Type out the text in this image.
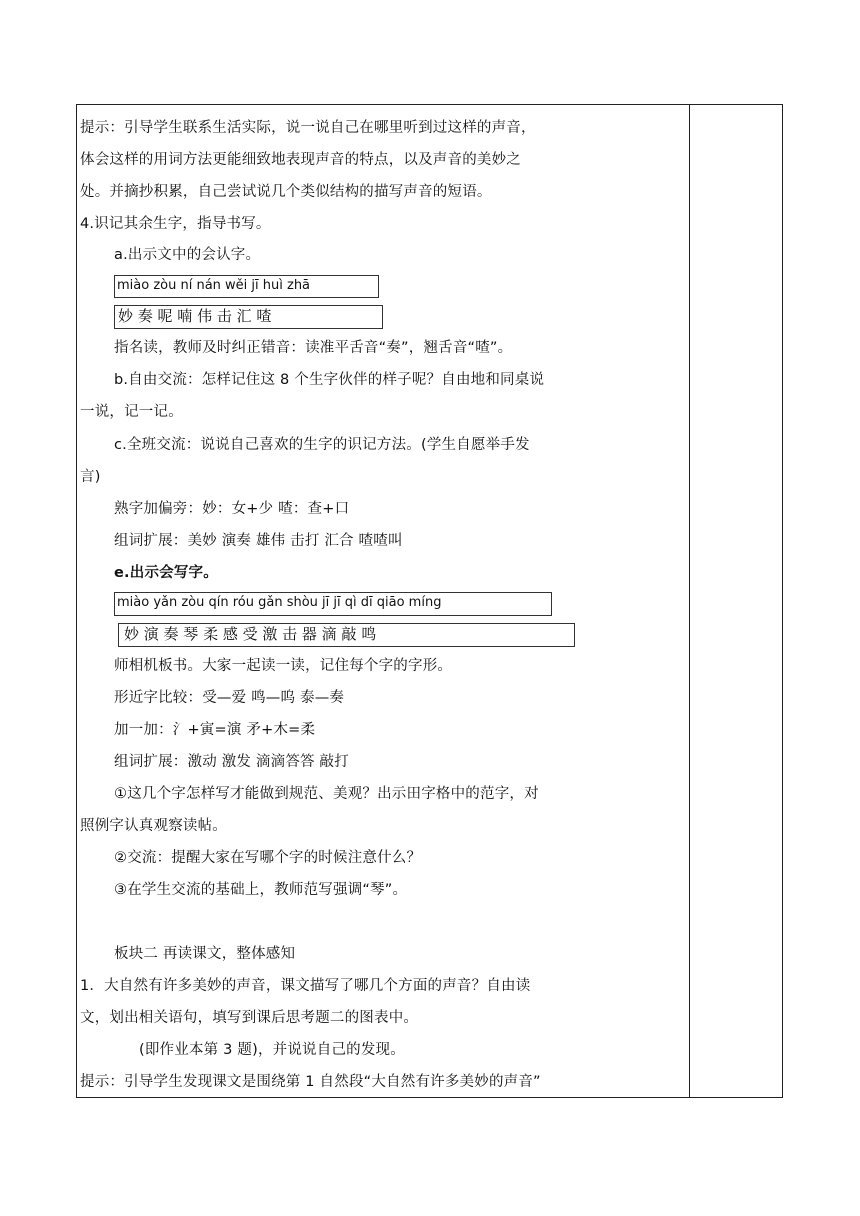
提示：引导学生联系生活实际，说一说自己在哪里听到过这样的声音，
体会这样的用词方法更能细致地表现声音的特点，以及声音的美妙之
处。并摘抄积累，自己尝试说几个类似结构的描写声音的短语。
4.识记其余生字，指导书写。
a.出示文中的会认字。
miào zòu ní nán wěi jī huì zhā
妙 奏 呢 喃 伟 击 汇 喳
指名读，教师及时纠正错音：读准平舌音“奏”，翘舌音“喳”。
b.自由交流：怎样记住这 8 个生字伙伴的样子呢？自由地和同桌说
一说，记一记。
c.全班交流：说说自己喜欢的生字的识记方法。(学生自愿举手发
言)
熟字加偏旁：妙：女+少 喳：查+口
组词扩展：美妙 演奏 雄伟 击打 汇合 喳喳叫
e.出示会写字。
miào yǎn zòu qín róu gǎn shòu jī jī qì dī qiāo míng
妙 演 奏 琴 柔 感 受 激 击 器 滴 敲 鸣
师相机板书。大家一起读一读，记住每个字的字形。
形近字比较：受—爱 鸣—呜 泰—奏
加一加：氵+寅=演 矛+木=柔
组词扩展：激动 激发 滴滴答答 敲打
①这几个字怎样写才能做到规范、美观？出示田字格中的范字，对
照例字认真观察读帖。
②交流：提醒大家在写哪个字的时候注意什么？
③在学生交流的基础上，教师范写强调“琴”。
板块二 再读课文，整体感知
1．大自然有许多美妙的声音，课文描写了哪几个方面的声音？自由读
文，划出相关语句，填写到课后思考题二的图表中。
(即作业本第 3 题)，并说说自己的发现。
提示：引导学生发现课文是围绕第 1 自然段“大自然有许多美妙的声音”
